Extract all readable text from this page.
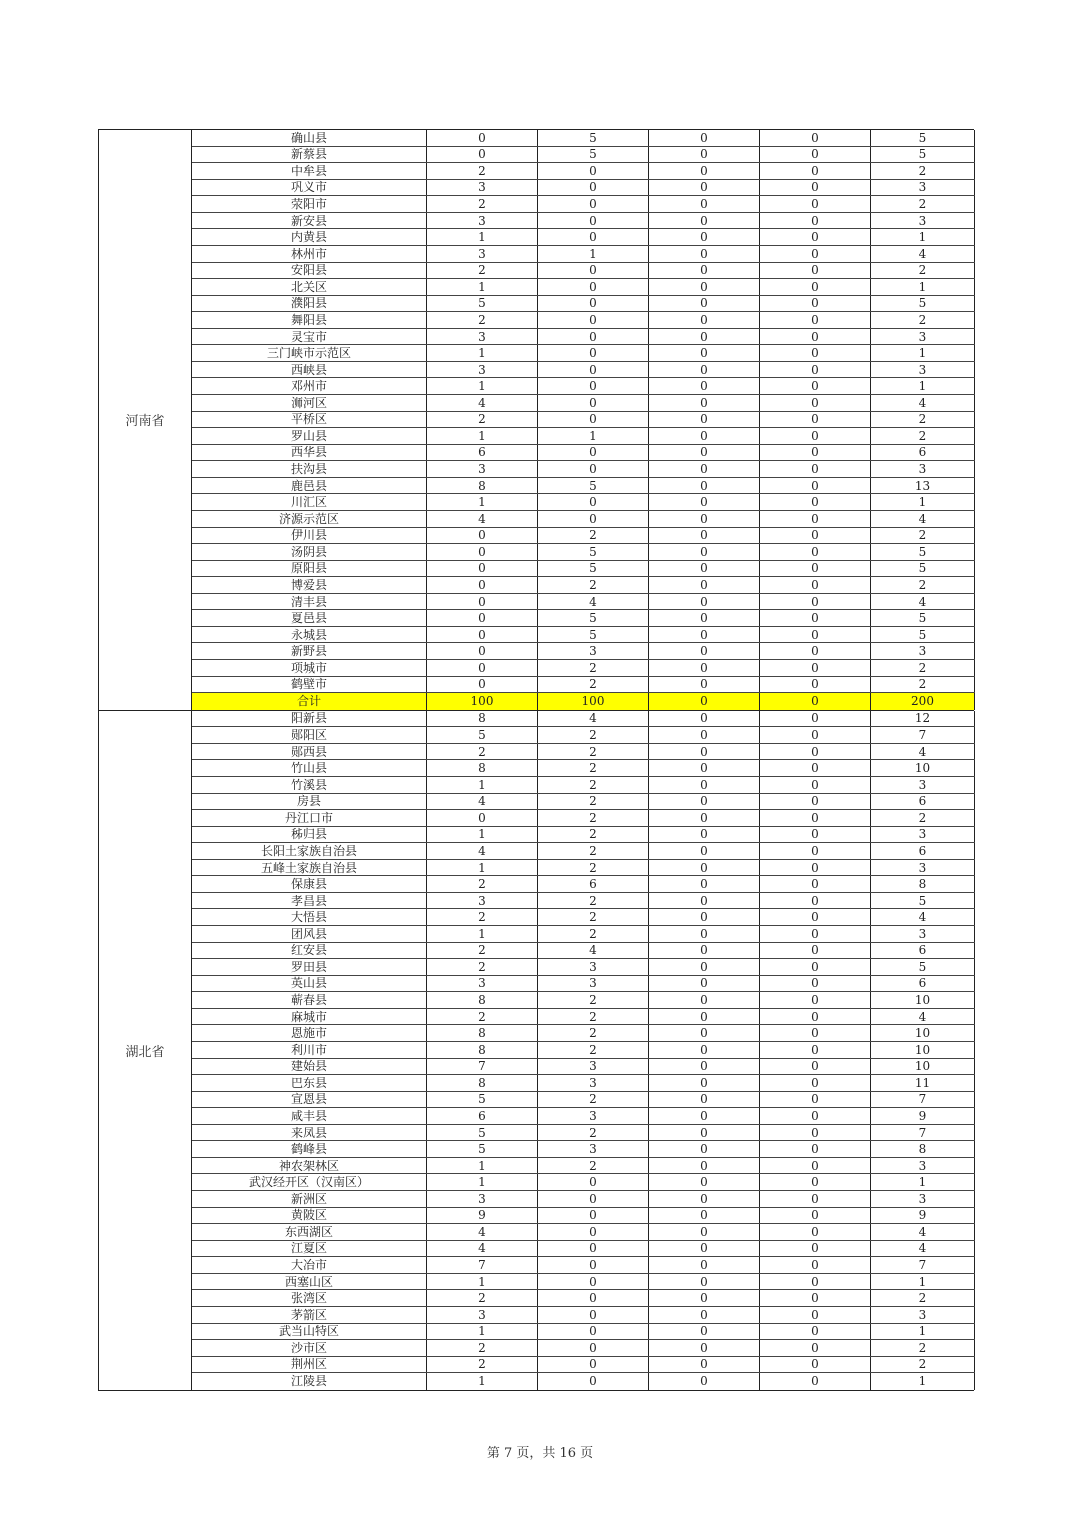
河南省
确山县	0	5	0	0	5
新蔡县	0	5	0	0	5
中牟县	2	0	0	0	2
巩义市	3	0	0	0	3
荥阳市	2	0	0	0	2
新安县	3	0	0	0	3
内黄县	1	0	0	0	1
林州市	3	1	0	0	4
安阳县	2	0	0	0	2
北关区	1	0	0	0	1
濮阳县	5	0	0	0	5
舞阳县	2	0	0	0	2
灵宝市	3	0	0	0	3
三门峡市示范区	1	0	0	0	1
西峡县	3	0	0	0	3
邓州市	1	0	0	0	1
浉河区	4	0	0	0	4
平桥区	2	0	0	0	2
罗山县	1	1	0	0	2
西华县	6	0	0	0	6
扶沟县	3	0	0	0	3
鹿邑县	8	5	0	0	13
川汇区	1	0	0	0	1
济源示范区	4	0	0	0	4
伊川县	0	2	0	0	2
汤阴县	0	5	0	0	5
原阳县	0	5	0	0	5
博爱县	0	2	0	0	2
清丰县	0	4	0	0	4
夏邑县	0	5	0	0	5
永城县	0	5	0	0	5
新野县	0	3	0	0	3
项城市	0	2	0	0	2
鹤壁市	0	2	0	0	2
合计	100	100	0	0	200
湖北省
阳新县	8	4	0	0	12
郧阳区	5	2	0	0	7
郧西县	2	2	0	0	4
竹山县	8	2	0	0	10
竹溪县	1	2	0	0	3
房县	4	2	0	0	6
丹江口市	0	2	0	0	2
秭归县	1	2	0	0	3
长阳土家族自治县	4	2	0	0	6
五峰土家族自治县	1	2	0	0	3
保康县	2	6	0	0	8
孝昌县	3	2	0	0	5
大悟县	2	2	0	0	4
团风县	1	2	0	0	3
红安县	2	4	0	0	6
罗田县	2	3	0	0	5
英山县	3	3	0	0	6
蕲春县	8	2	0	0	10
麻城市	2	2	0	0	4
恩施市	8	2	0	0	10
利川市	8	2	0	0	10
建始县	7	3	0	0	10
巴东县	8	3	0	0	11
宣恩县	5	2	0	0	7
咸丰县	6	3	0	0	9
来凤县	5	2	0	0	7
鹤峰县	5	3	0	0	8
神农架林区	1	2	0	0	3
武汉经开区（汉南区）	1	0	0	0	1
新洲区	3	0	0	0	3
黄陂区	9	0	0	0	9
东西湖区	4	0	0	0	4
江夏区	4	0	0	0	4
大冶市	7	0	0	0	7
西塞山区	1	0	0	0	1
张湾区	2	0	0	0	2
茅箭区	3	0	0	0	3
武当山特区	1	0	0	0	1
沙市区	2	0	0	0	2
荆州区	2	0	0	0	2
江陵县	1	0	0	0	1
第 7 页，共 16 页
